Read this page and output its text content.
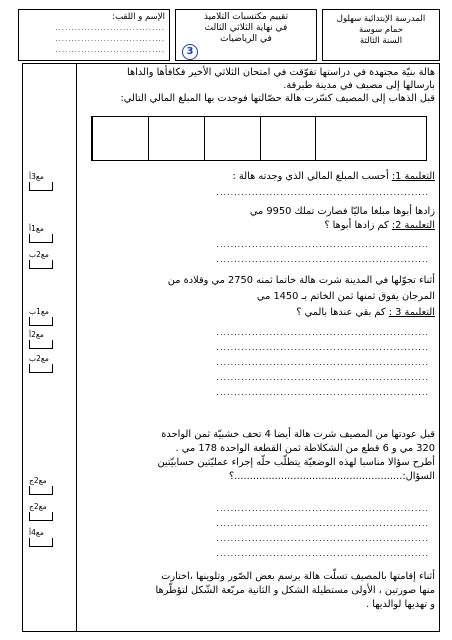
المدرسة الإبتدائية سهلول
حمام سوسة
السنة الثالثة
تقييم مكتسبات التلاميذ
في نهاية الثلاثي الثالث
في الرياضيات
3
الإسم و اللقب:
..................................
..................................
..................................
مع3أ
مع1أ
مع2ب
مع1ب
مع2أ
مع2ب
مع2ج
مع2ج
مع4أ
هالة بنيّة مجتهدة في دراستها تفوّقت في امتحان الثلاثي الأخير فكافأها والداها
بارسالها إلى مصيف في مدينة طبرقة.
قبل الذهاب إلى المصيف كسّرت هالة حصّالتها فوجدت بها المبلغ المالي التالي:
التعليمة 1: أحسب المبلغ المالي الذي وجدته هالة :
............................................................
زادها أبوها مبلغا ماليّا فصارت تملك 9950 مي
التعليمة 2: كم زادها أبوها ؟
............................................................
............................................................
أثناء تجوّلها في المدينة شرت هالة خاتما ثمنه 2750 مي وقلادة من
المرجان يفوق ثمنها ثمن الخاتم بـ 1450 مي
التعليمة 3 : كم بقي عندها بالمي ؟
............................................................
............................................................
............................................................
............................................................
............................................................
قبل عودتها من المصيف شرت هالة أيضا 4 تحف خشبيّة ثمن الواحدة
320 مي و 6 قطع من الشكلاطة ثمن القطعة الواحدة 178 مي .
أطرح سؤالا مناسبا لهذه الوضعيّة يتطلّب حلّه إجراء عمليّتين حسابيّتين
السؤال:......................................................؟
............................................................
............................................................
............................................................
............................................................
أثناء إقامتها بالمصيف تسلّت هالة برسم بعض الصّور وتلوينها ،اختارت
منها صورتين ، الأولى مستطيلة الشكل و الثانية مربّعة الشّكل لتؤطّرها
و تهديها لوالديها .
